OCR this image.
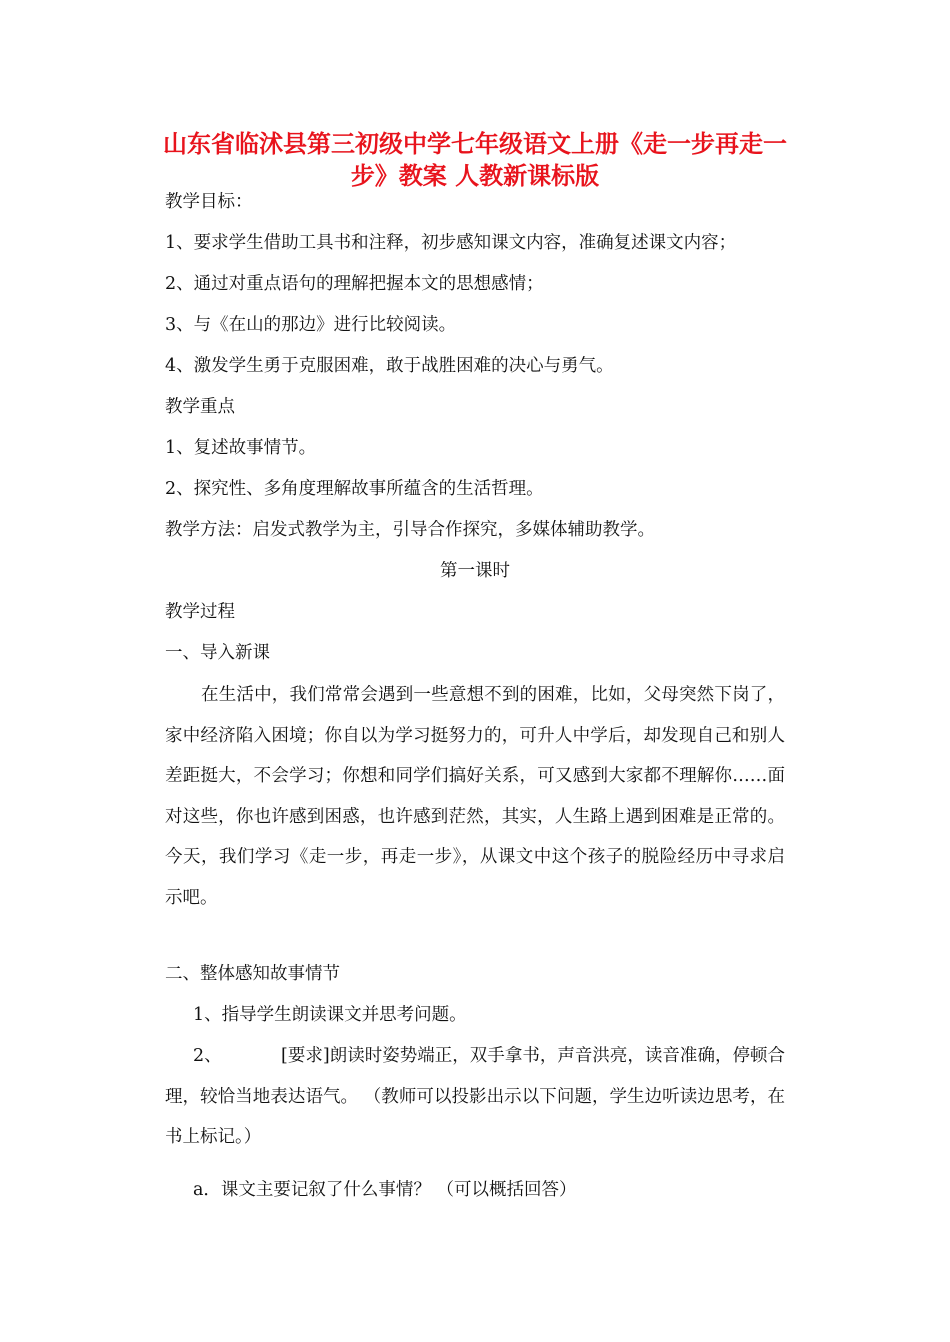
山东省临沭县第三初级中学七年级语文上册《走一步再走一步》教案 人教新课标版
教学目标：
1、要求学生借助工具书和注释，初步感知课文内容，准确复述课文内容；
2、通过对重点语句的理解把握本文的思想感情；
3、与《在山的那边》进行比较阅读。
4、激发学生勇于克服困难，敢于战胜困难的决心与勇气。
教学重点
1、复述故事情节。
2、探究性、多角度理解故事所蕴含的生活哲理。
教学方法：启发式教学为主，引导合作探究，多媒体辅助教学。
第一课时
教学过程
一、导入新课
在生活中，我们常常会遇到一些意想不到的困难，比如，父母突然下岗了，家中经济陷入困境；你自以为学习挺努力的，可升人中学后，却发现自己和别人差距挺大，不会学习；你想和同学们搞好关系，可又感到大家都不理解你……面对这些，你也许感到困惑，也许感到茫然，其实，人生路上遇到困难是正常的。今天，我们学习《走一步，再走一步》，从课文中这个孩子的脱险经历中寻求启示吧。
二、整体感知故事情节
1、指导学生朗读课文并思考问题。
2、	[要求]朗读时姿势端正，双手拿书，声音洪亮，读音准确，停顿合理，较恰当地表达语气。 （教师可以投影出示以下问题，学生边听读边思考，在书上标记。）
a．课文主要记叙了什么事情？ （可以概括回答）
